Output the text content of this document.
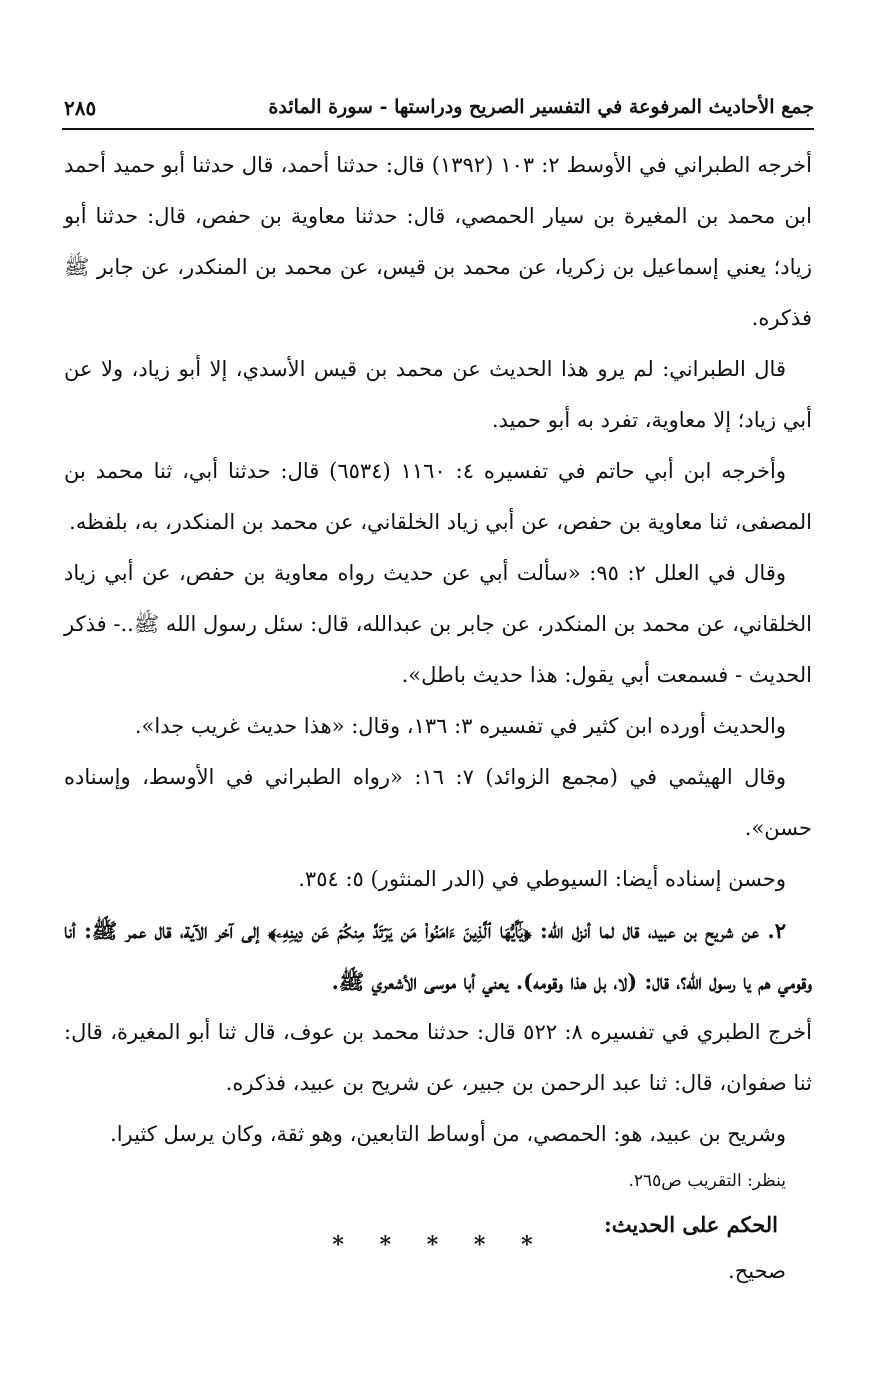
جمع الأحاديث المرفوعة في التفسير الصريح ودراستها - سورة المائدة
٢٨٥

أخرجه الطبراني في الأوسط ٢: ١٠٣ (١٣٩٢) قال: حدثنا أحمد، قال حدثنا أبو حميد أحمد ابن محمد بن المغيرة بن سيار الحمصي، قال: حدثنا معاوية بن حفص، قال: حدثنا أبو زياد؛ يعني إسماعيل بن زكريا، عن محمد بن قيس، عن محمد بن المنكدر، عن جابر ﷺ فذكره.

قال الطبراني: لم يرو هذا الحديث عن محمد بن قيس الأسدي، إلا أبو زياد، ولا عن أبي زياد؛ إلا معاوية، تفرد به أبو حميد.

وأخرجه ابن أبي حاتم في تفسيره ٤: ١١٦٠ (٦٥٣٤) قال: حدثنا أبي، ثنا محمد بن المصفى، ثنا معاوية بن حفص، عن أبي زياد الخلقاني، عن محمد بن المنكدر، به، بلفظه.

وقال في العلل ٢: ٩٥: «سألت أبي عن حديث رواه معاوية بن حفص، عن أبي زياد الخلقاني، عن محمد بن المنكدر، عن جابر بن عبدالله، قال: سئل رسول الله ﷺ..- فذكر الحديث - فسمعت أبي يقول: هذا حديث باطل».

والحديث أورده ابن كثير في تفسيره ٣: ١٣٦، وقال: «هذا حديث غريب جدا».

وقال الهيثمي في (مجمع الزوائد) ٧: ١٦: «رواه الطبراني في الأوسط، وإسناده حسن».

وحسن إسناده أيضا: السيوطي في (الدر المنثور) ٥: ٣٥٤.

٢. عن شريح بن عبيد، قال لما أنزل الله: ﴿يَٰٓأَيُّهَا ٱلَّذِينَ ءَامَنُواْ مَن يَرۡتَدَّ مِنكُمۡ عَن دِينِهِۦ﴾ إلى آخر الآية، قال عمر ﷺ: أنا وقومي هم يا رسول الله؟، قال: (لا، بل هذا وقومه). يعني أبا موسى الأشعري ﷺ.

أخرج الطبري في تفسيره ٨: ٥٢٢ قال: حدثنا محمد بن عوف، قال ثنا أبو المغيرة، قال: ثنا صفوان، قال: ثنا عبد الرحمن بن جبير، عن شريح بن عبيد، فذكره.

وشريح بن عبيد، هو: الحمصي، من أوساط التابعين، وهو ثقة، وكان يرسل كثيرا.

ينظر: التقريب ص٢٦٥.

الحكم على الحديث:

صحيح.

* * * * *
